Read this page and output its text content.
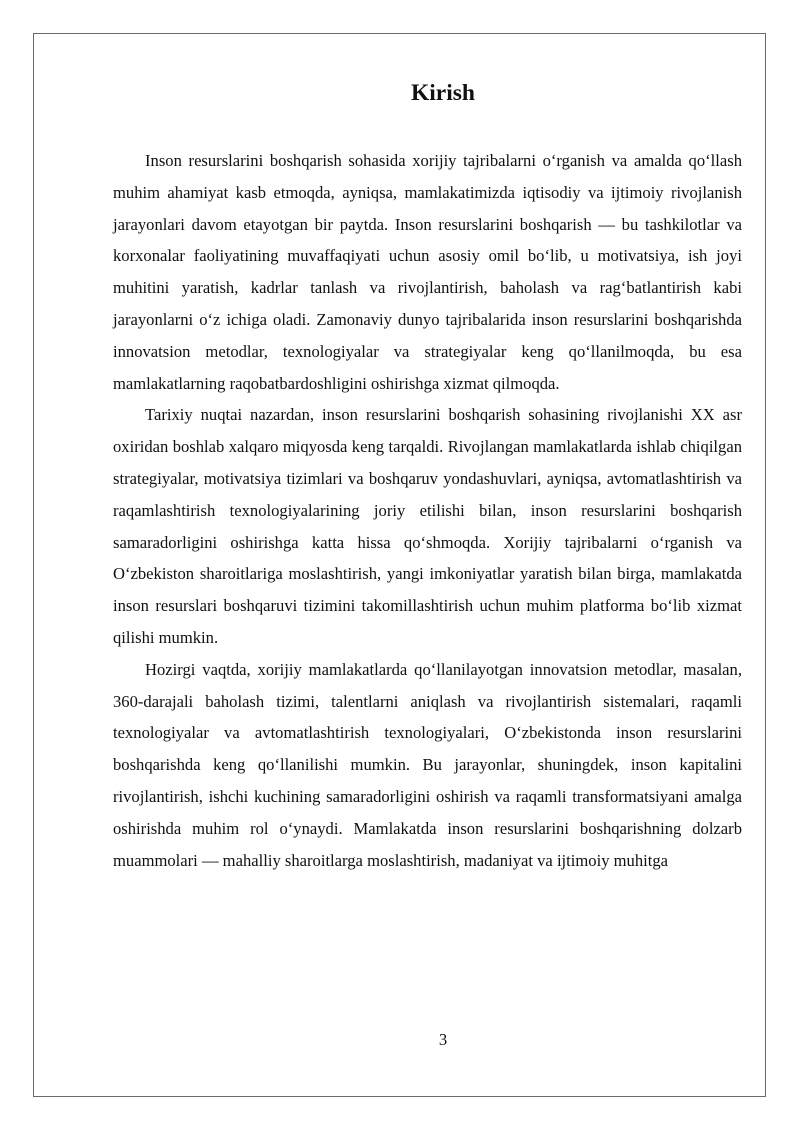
Kirish

Inson resurslarini boshqarish sohasida xorijiy tajribalarni o‘rganish va amalda qo‘llash muhim ahamiyat kasb etmoqda, ayniqsa, mamlakatimizda iqtisodiy va ijtimoiy rivojlanish jarayonlari davom etayotgan bir paytda. Inson resurslarini boshqarish — bu tashkilotlar va korxonalar faoliyatining muvaffaqiyati uchun asosiy omil bo‘lib, u motivatsiya, ish joyi muhitini yaratish, kadrlar tanlash va rivojlantirish, baholash va rag‘batlantirish kabi jarayonlarni o‘z ichiga oladi. Zamonaviy dunyo tajribalarida inson resurslarini boshqarishda innovatsion metodlar, texnologiyalar va strategiyalar keng qo‘llanilmoqda, bu esa mamlakatlarning raqobatbardoshligini oshirishga xizmat qilmoqda.

Tarixiy nuqtai nazardan, inson resurslarini boshqarish sohasining rivojlanishi XX asr oxiridan boshlab xalqaro miqyosda keng tarqaldi. Rivojlangan mamlakatlarda ishlab chiqilgan strategiyalar, motivatsiya tizimlari va boshqaruv yondashuvlari, ayniqsa, avtomatlashtirish va raqamlashtirish texnologiyalarining joriy etilishi bilan, inson resurslarini boshqarish samaradorligini oshirishga katta hissa qo‘shmoqda. Xorijiy tajribalarni o‘rganish va O‘zbekiston sharoitlariga moslashtirish, yangi imkoniyatlar yaratish bilan birga, mamlakatda inson resurslari boshqaruvi tizimini takomillashtirish uchun muhim platforma bo‘lib xizmat qilishi mumkin.

Hozirgi vaqtda, xorijiy mamlakatlarda qo‘llanilayotgan innovatsion metodlar, masalan, 360-darajali baholash tizimi, talentlarni aniqlash va rivojlantirish sistemalari, raqamli texnologiyalar va avtomatlashtirish texnologiyalari, O‘zbekistonda inson resurslarini boshqarishda keng qo‘llanilishi mumkin. Bu jarayonlar, shuningdek, inson kapitalini rivojlantirish, ishchi kuchining samaradorligini oshirish va raqamli transformatsiyani amalga oshirishda muhim rol o‘ynaydi. Mamlakatda inson resurslarini boshqarishning dolzarb muammolari — mahalliy sharoitlarga moslashtirish, madaniyat va ijtimoiy muhitga

3
